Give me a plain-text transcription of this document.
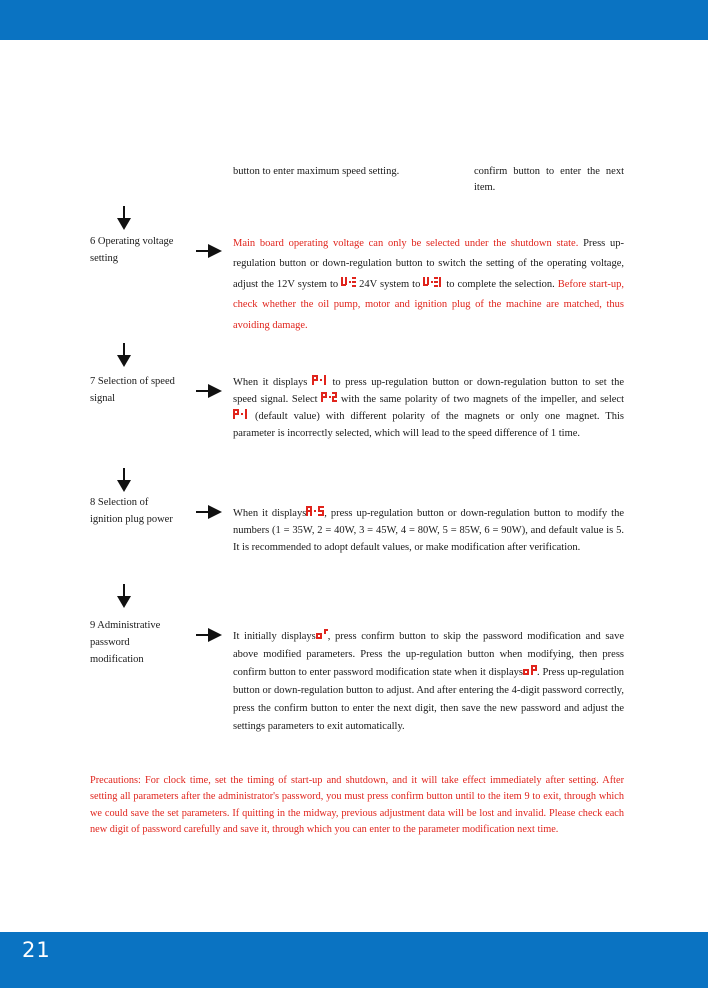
button to enter maximum speed setting.	confirm button to enter the next item.
6 Operating voltage setting
7 Selection of speed signal
8 Selection of ignition plug power
9 Administrative password modification
Main board operating voltage can only be selected under the shutdown state. Press up-regulation button or down-regulation button to switch the setting of the operating voltage, adjust the 12V system to  24V system to  to complete the selection. Before start-up, check whether the oil pump, motor and ignition plug of the machine are matched, thus avoiding damage.
When it displays  to press up-regulation button or down-regulation button to set the speed signal. Select  with the same polarity of two magnets of the impeller, and select  (default value) with different polarity of the magnets or only one magnet. This parameter is incorrectly selected, which will lead to the speed difference of 1 time.
When it displays , press up-regulation button or down-regulation button to modify the numbers (1 = 35W, 2 = 40W, 3 = 45W, 4 = 80W, 5 = 85W, 6 = 90W), and default value is 5. It is recommended to adopt default values, or make modification after verification.
It initially displays , press confirm button to skip the password modification and save above modified parameters. Press the up-regulation button when modifying, then press confirm button to enter password modification state when it displays . Press up-regulation button or down-regulation button to adjust. And after entering the 4-digit password correctly, press the confirm button to enter the next digit, then save the new password and adjust the settings parameters to exit automatically.
Precautions: For clock time, set the timing of start-up and shutdown, and it will take effect immediately after setting. After setting all parameters after the administrator's password, you must press confirm button until to the item 9 to exit, through which we could save the set parameters. If quitting in the midway, previous adjustment data will be lost and invalid. Please check each new digit of password carefully and save it, through which you can enter to the parameter modification next time.
21
